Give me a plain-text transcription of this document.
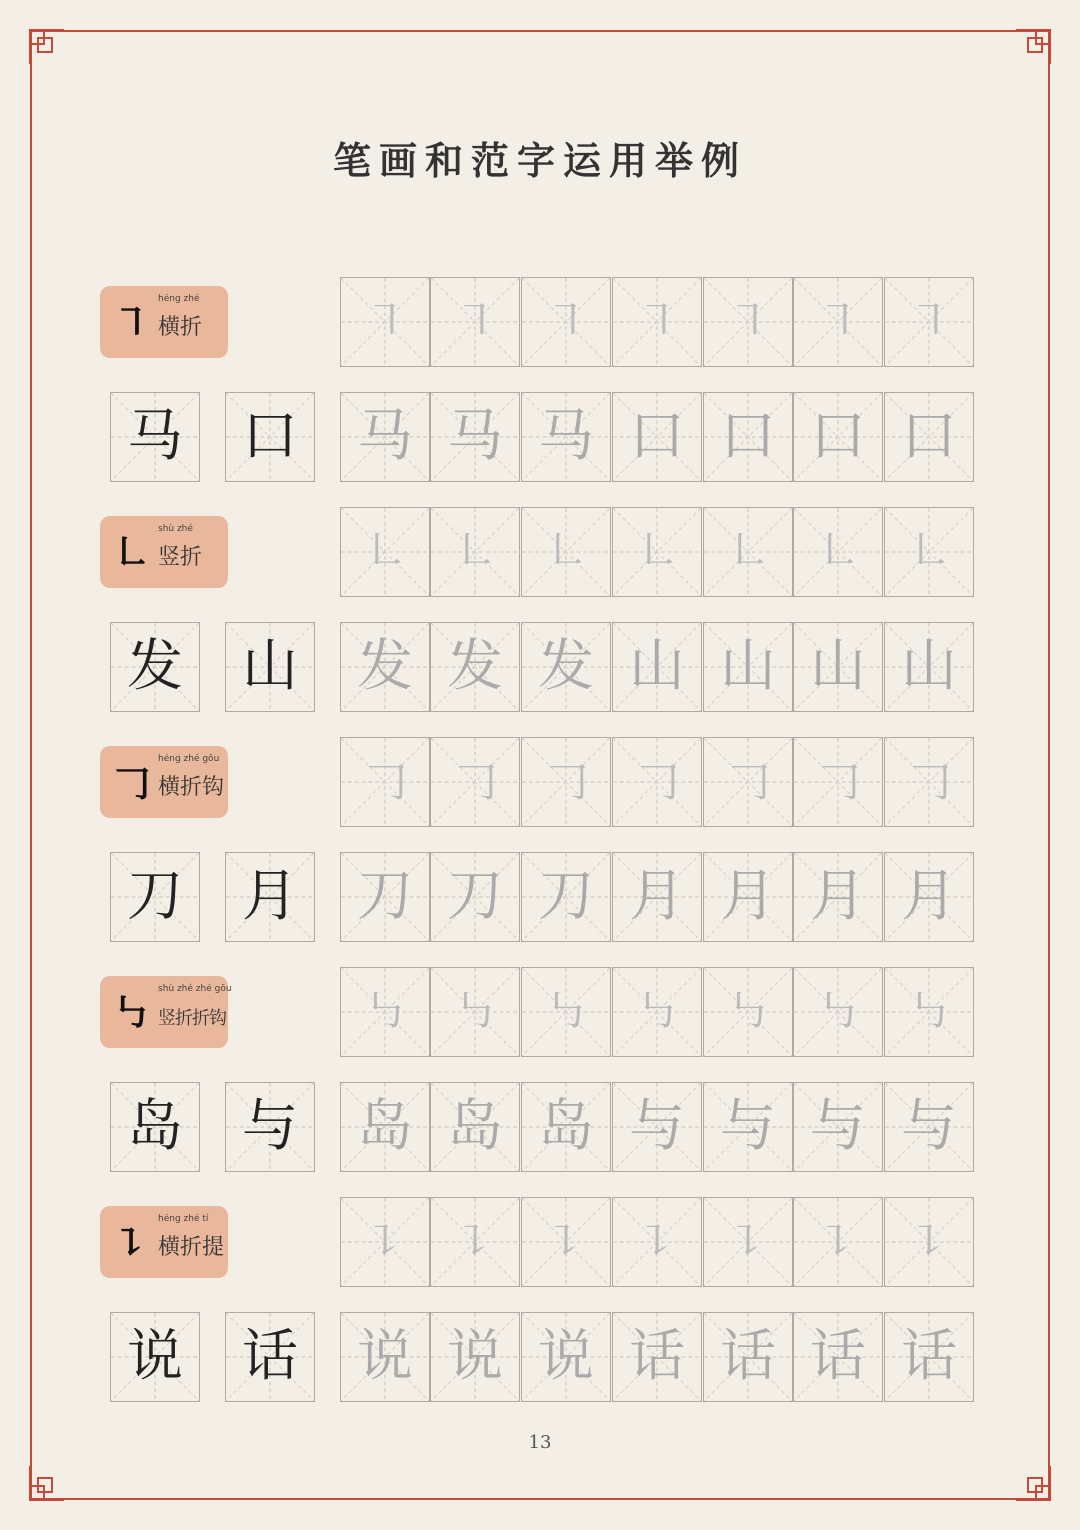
笔画和范字运用举例
㇕
héng zhé
横折	㇕	㇕	㇕	㇕	㇕	㇕	㇕
马 口 马 马 马 口 口 口 口
㇗
shù zhé
竖折	㇗	㇗	㇗	㇗	㇗	㇗	㇗
发 山 发 发 发 山 山 山 山
𠃌
héng zhé gōu
横折钩	𠃌	𠃌	𠃌	𠃌	𠃌	𠃌	𠃌
刀 月 刀 刀 刀 月 月 月 月
㇉
shù zhé zhé gōu
竖折折钩	㇉	㇉	㇉	㇉	㇉	㇉	㇉
岛 与 岛 岛 岛 与 与 与 与
㇊
héng zhé tí
横折提	㇊	㇊	㇊	㇊	㇊	㇊	㇊
说 话 说 说 说 话 话 话 话
13
